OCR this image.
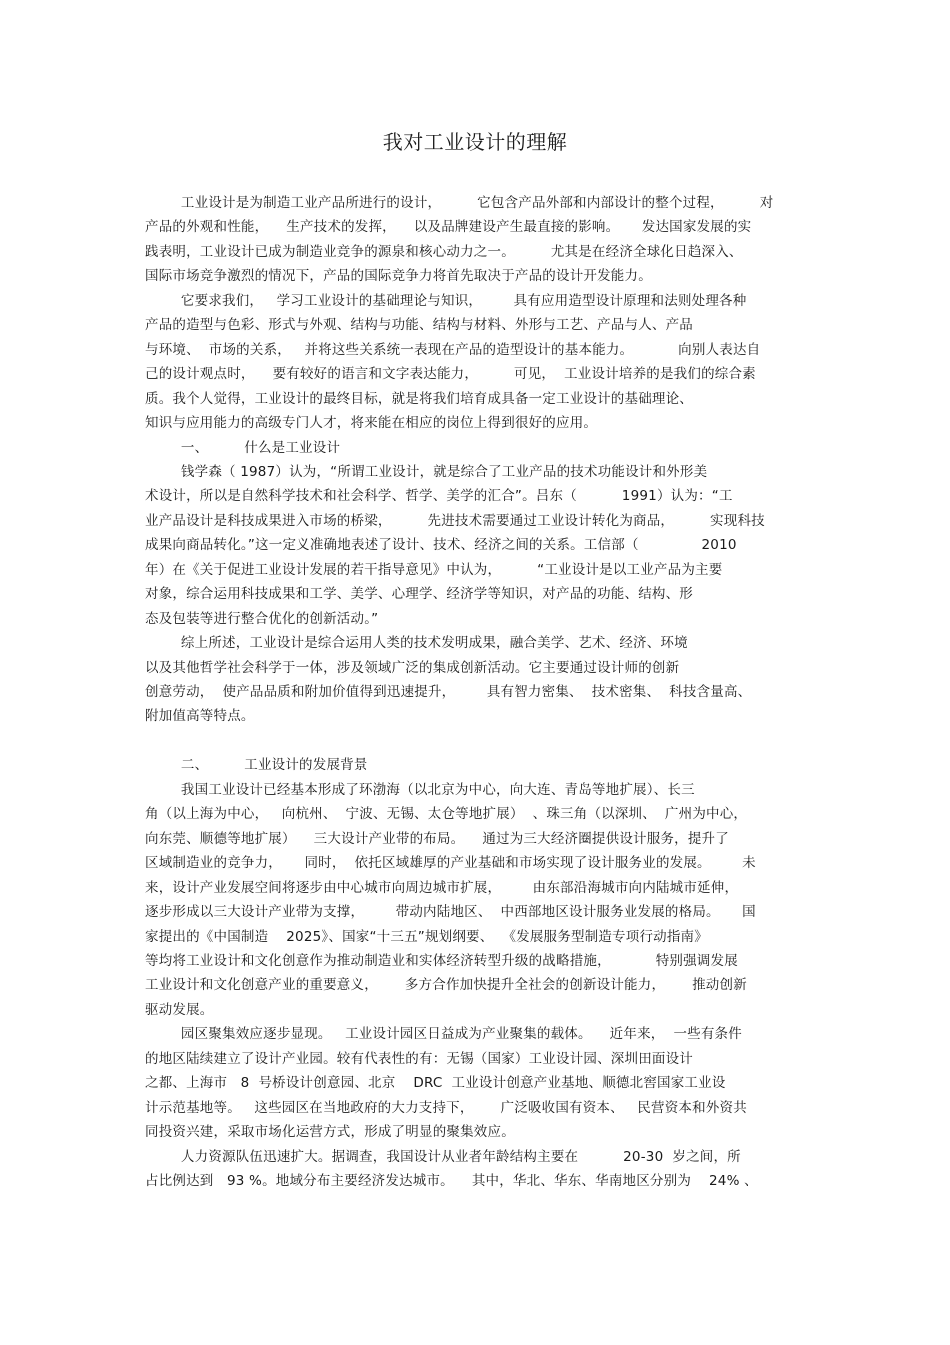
我对工业设计的理解
工业设计是为制造工业产品所进行的设计，        它包含产品外部和内部设计的整个过程，        对
产品的外观和性能，    生产技术的发挥，    以及品牌建设产生最直接的影响。     发达国家发展的实
践表明，工业设计已成为制造业竞争的源泉和核心动力之一。        尤其是在经济全球化日趋深入、
国际市场竞争激烈的情况下，产品的国际竞争力将首先取决于产品的设计开发能力。
它要求我们，   学习工业设计的基础理论与知识，       具有应用造型设计原理和法则处理各种
产品的造型与色彩、形式与外观、结构与功能、结构与材料、外形与工艺、产品与人、产品
与环境、  市场的关系，   并将这些关系统一表现在产品的造型设计的基本能力。          向别人表达自
己的设计观点时，    要有较好的语言和文字表达能力，        可见，  工业设计培养的是我们的综合素
质。我个人觉得，工业设计的最终目标，就是将我们培育成具备一定工业设计的基础理论、
知识与应用能力的高级专门人才，将来能在相应的岗位上得到很好的应用。
一、        什么是工业设计
钱学森（ 1987）认为，“所谓工业设计，就是综合了工业产品的技术功能设计和外形美
术设计，所以是自然科学技术和社会科学、哲学、美学的汇合”。吕东（          1991）认为：“工
业产品设计是科技成果进入市场的桥梁，        先进技术需要通过工业设计转化为商品，        实现科技
成果向商品转化。”这一定义准确地表述了设计、技术、经济之间的关系。工信部（              2010
年）在《关于促进工业设计发展的若干指导意见》中认为，        “工业设计是以工业产品为主要
对象，综合运用科技成果和工学、美学、心理学、经济学等知识，对产品的功能、结构、形
态及包装等进行整合优化的创新活动。”
综上所述，工业设计是综合运用人类的技术发明成果，融合美学、艺术、经济、环境
以及其他哲学社会科学于一体，涉及领域广泛的集成创新活动。它主要通过设计师的创新
创意劳动，  使产品品质和附加价值得到迅速提升，       具有智力密集、  技术密集、  科技含量高、
附加值高等特点。
二、        工业设计的发展背景
我国工业设计已经基本形成了环渤海（以北京为中心，向大连、青岛等地扩展）、长三
角（以上海为中心，   向杭州、  宁波、无锡、太仓等地扩展）  、珠三角（以深圳、  广州为中心，
向东莞、顺德等地扩展）    三大设计产业带的布局。    通过为三大经济圈提供设计服务，提升了
区域制造业的竞争力，     同时，  依托区域雄厚的产业基础和市场实现了设计服务业的发展。       未
来，设计产业发展空间将逐步由中心城市向周边城市扩展，       由东部沿海城市向内陆城市延伸，
逐步形成以三大设计产业带为支撑，       带动内陆地区、  中西部地区设计服务业发展的格局。     国
家提出的《中国制造    2025》、国家“十三五”规划纲要、  《发展服务型制造专项行动指南》
等均将工业设计和文化创意作为推动制造业和实体经济转型升级的战略措施，          特别强调发展
工业设计和文化创意产业的重要意义，      多方合作加快提升全社会的创新设计能力，      推动创新
驱动发展。
园区聚集效应逐步显现。   工业设计园区日益成为产业聚集的载体。    近年来，  一些有条件
的地区陆续建立了设计产业园。较有代表性的有：无锡（国家）工业设计园、深圳田面设计
之都、上海市   8  号桥设计创意园、北京    DRC  工业设计创意产业基地、顺德北窖国家工业设
计示范基地等。   这些园区在当地政府的大力支持下，      广泛吸收国有资本、   民营资本和外资共
同投资兴建，采取市场化运营方式，形成了明显的聚集效应。
人力资源队伍迅速扩大。据调查，我国设计从业者年龄结构主要在          20-30  岁之间，所
占比例达到   93 %。地域分布主要经济发达城市。    其中，华北、华东、华南地区分别为    24% 、
